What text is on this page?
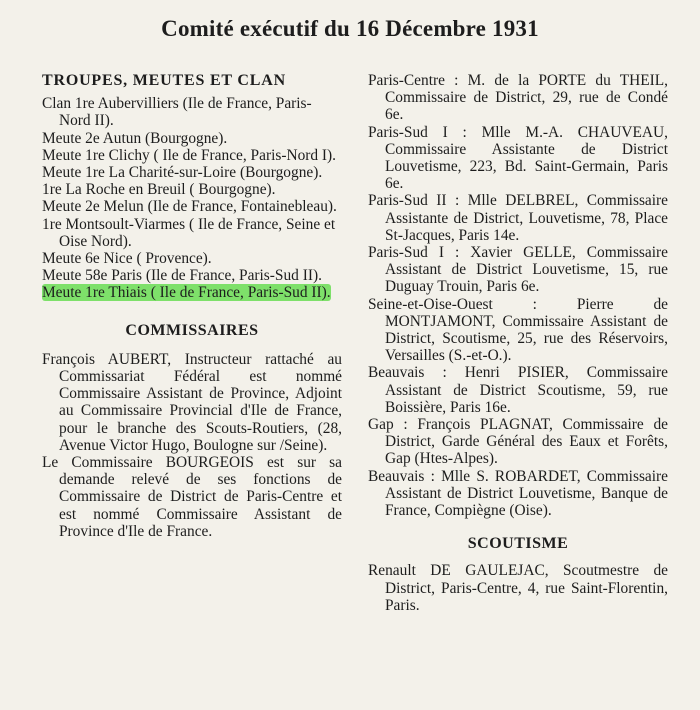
Comité exécutif du 16 Décembre 1931
TROUPES, MEUTES ET CLAN

Clan 1re Aubervilliers (Ile de France, Paris-Nord II).

Meute 2e Autun (Bourgogne).

Meute 1re Clichy ( Ile de France, Paris-Nord I).

Meute 1re La Charité-sur-Loire (Bourgogne).

1re La Roche en Breuil ( Bourgogne).

Meute 2e Melun (Ile de France, Fontainebleau).

1re Montsoult-Viarmes ( Ile de France, Seine et Oise Nord).

Meute 6e Nice ( Provence).

Meute 58e Paris (Ile de France, Paris-Sud II).

Meute 1re Thiais ( Ile de France, Paris-Sud II).

COMMISSAIRES

François AUBERT, Instructeur rattaché au Commissariat Fédéral est nommé Commissaire Assistant de Province, Adjoint au Commissaire Provincial d'Ile de France, pour le branche des Scouts-Routiers, (28, Avenue Victor Hugo, Boulogne sur /Seine).

Le Commissaire BOURGEOIS est sur sa demande relevé de ses fonctions de Commissaire de District de Paris-Centre et est nommé Commissaire Assistant de Province d'Ile de France.

Paris-Centre : M. de la PORTE du THEIL, Commissaire de District, 29, rue de Condé 6e.

Paris-Sud I : Mlle M.-A. CHAUVEAU, Commissaire Assistante de District Louvetisme, 223, Bd. Saint-Germain, Paris 6e.

Paris-Sud II : Mlle DELBREL, Commissaire Assistante de District, Louvetisme, 78, Place St-Jacques, Paris 14e.

Paris-Sud I : Xavier GELLE, Commissaire Assistant de District Louvetisme, 15, rue Duguay Trouin, Paris 6e.

Seine-et-Oise-Ouest : Pierre de MONTJAMONT, Commissaire Assistant de District, Scoutisme, 25, rue des Réservoirs, Versailles (S.-et-O.).

Beauvais : Henri PISIER, Commissaire Assistant de District Scoutisme, 59, rue Boissière, Paris 16e.

Gap : François PLAGNAT, Commissaire de District, Garde Général des Eaux et Forêts, Gap (Htes-Alpes).

Beauvais : Mlle S. ROBARDET, Commissaire Assistant de District Louvetisme, Banque de France, Compiègne (Oise).

SCOUTISME

Renault DE GAULEJAC, Scoutmestre de District, Paris-Centre, 4, rue Saint-Florentin, Paris.
